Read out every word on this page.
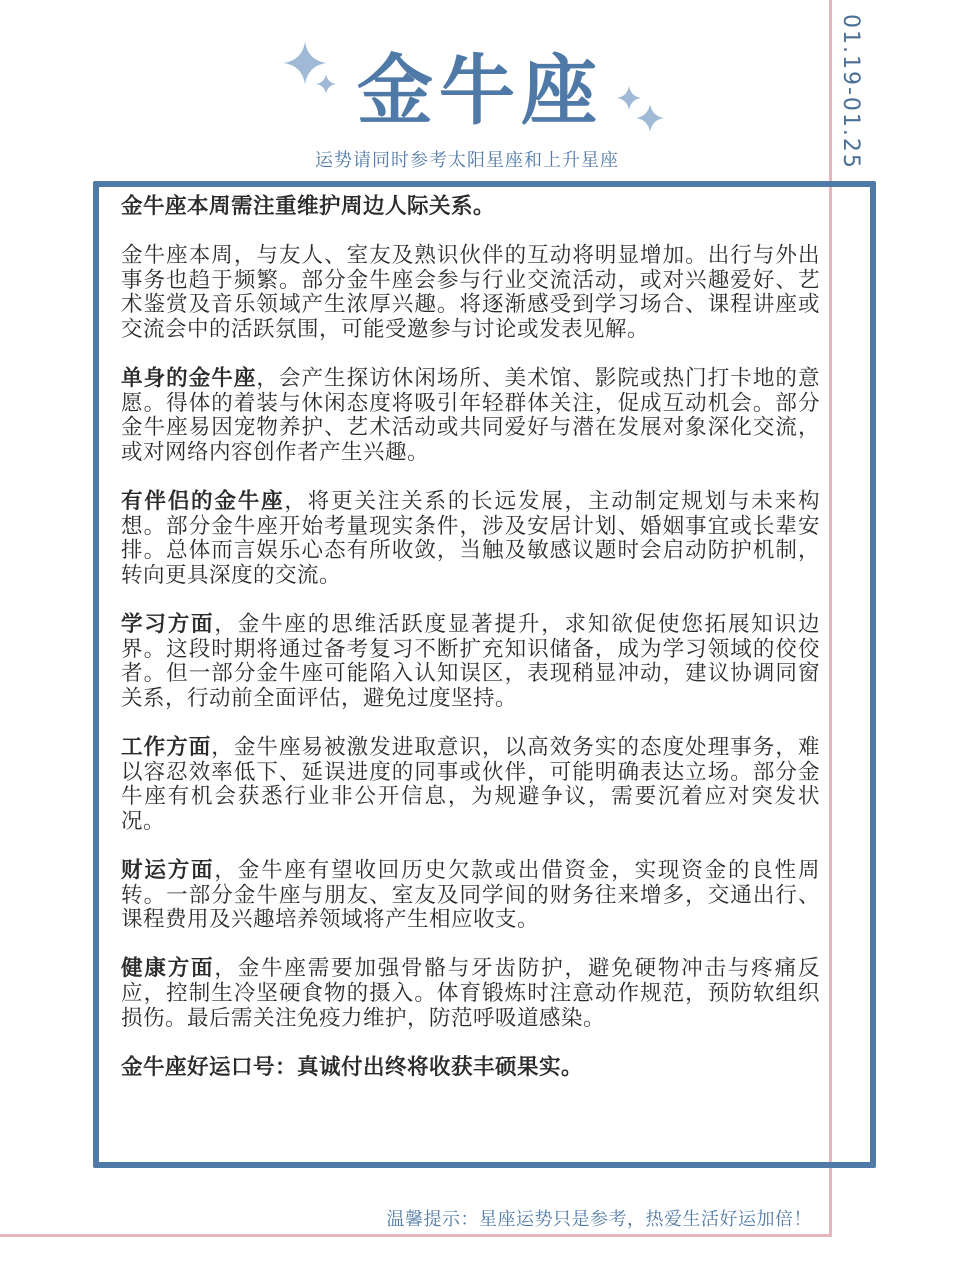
01.19-01.25
金牛座
运势请同时参考太阳星座和上升星座

金牛座本周需注重维护周边人际关系。

金牛座本周，与友人、室友及熟识伙伴的互动将明显增加。出行与外出事务也趋于频繁。部分金牛座会参与行业交流活动，或对兴趣爱好、艺术鉴赏及音乐领域产生浓厚兴趣。将逐渐感受到学习场合、课程讲座或交流会中的活跃氛围，可能受邀参与讨论或发表见解。

单身的金牛座，会产生探访休闲场所、美术馆、影院或热门打卡地的意愿。得体的着装与休闲态度将吸引年轻群体关注，促成互动机会。部分金牛座易因宠物养护、艺术活动或共同爱好与潜在发展对象深化交流，或对网络内容创作者产生兴趣。

有伴侣的金牛座，将更关注关系的长远发展，主动制定规划与未来构想。部分金牛座开始考量现实条件，涉及安居计划、婚姻事宜或长辈安排。总体而言娱乐心态有所收敛，当触及敏感议题时会启动防护机制，转向更具深度的交流。

学习方面，金牛座的思维活跃度显著提升，求知欲促使您拓展知识边界。这段时期将通过备考复习不断扩充知识储备，成为学习领域的佼佼者。但一部分金牛座可能陷入认知误区，表现稍显冲动，建议协调同窗关系，行动前全面评估，避免过度坚持。

工作方面，金牛座易被激发进取意识，以高效务实的态度处理事务，难以容忍效率低下、延误进度的同事或伙伴，可能明确表达立场。部分金牛座有机会获悉行业非公开信息，为规避争议，需要沉着应对突发状况。

财运方面，金牛座有望收回历史欠款或出借资金，实现资金的良性周转。一部分金牛座与朋友、室友及同学间的财务往来增多，交通出行、课程费用及兴趣培养领域将产生相应收支。

健康方面，金牛座需要加强骨骼与牙齿防护，避免硬物冲击与疼痛反应，控制生冷坚硬食物的摄入。体育锻炼时注意动作规范，预防软组织损伤。最后需关注免疫力维护，防范呼吸道感染。

金牛座好运口号：真诚付出终将收获丰硕果实。

温馨提示：星座运势只是参考，热爱生活好运加倍！
